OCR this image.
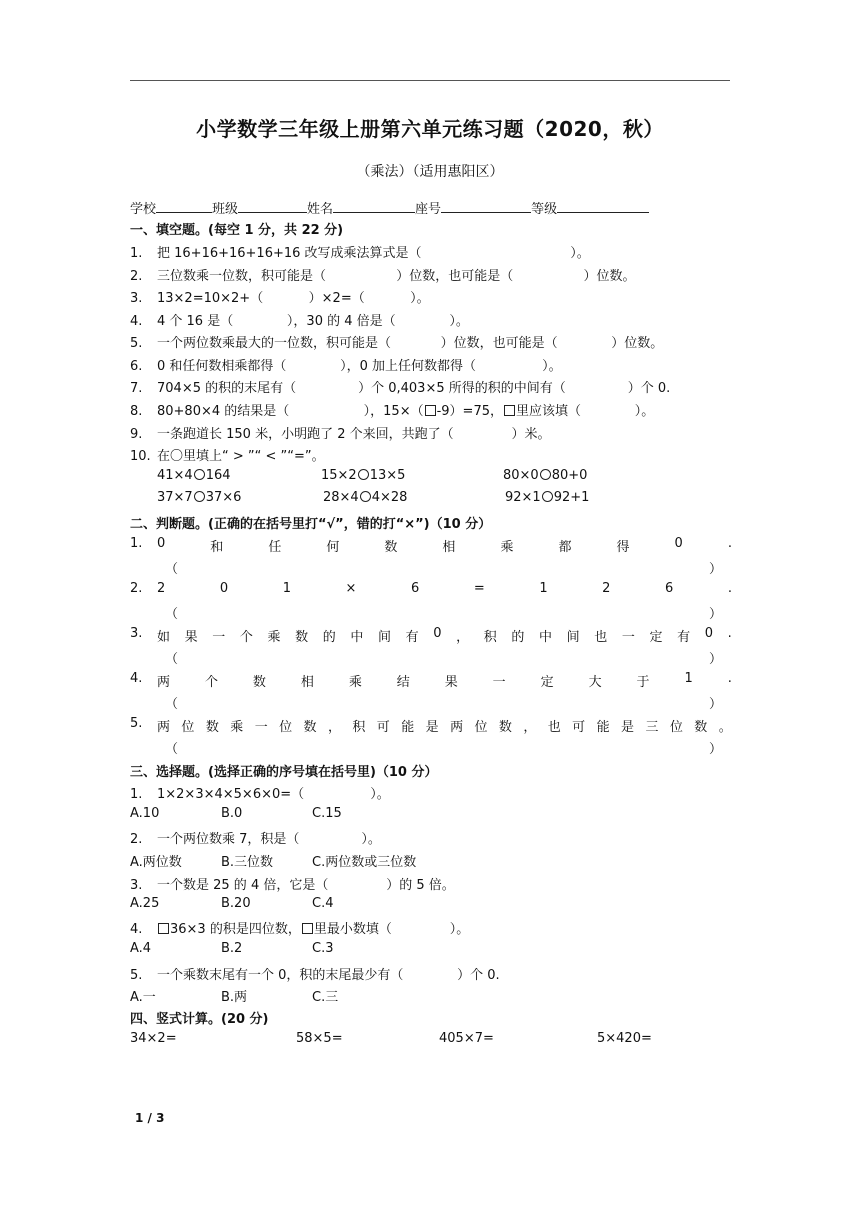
小学数学三年级上册第六单元练习题（2020，秋）
（乘法）（适用惠阳区）
学校	班级	姓名	座号	等级
一、填空题。(每空 1 分，共 22 分)
1. 把 16+16+16+16+16 改写成乘法算式是（                                    ）。
2. 三位数乘一位数，积可能是（                 ）位数，也可能是（                 ）位数。
3. 13×2=10×2+（           ）×2=（           ）。
4. 4 个 16 是（             ），30 的 4 倍是（             ）。
5. 一个两位数乘最大的一位数，积可能是（            ）位数，也可能是（             ）位数。
6. 0 和任何数相乘都得（             ），0 加上任何数都得（                ）。
7. 704×5 的积的末尾有（               ）个 0,403×5 所得的积的中间有（               ）个 0.
8. 80+80×4 的结果是（                  ），15×（ -9）=75， 里应该填（             ）。
9. 一条跑道长 150 米，小明跑了 2 个来回，共跑了（              ）米。
10. 在〇里填上“ > ”“ < ”“=”。
41×4 164	15×2 13×5	80×0 80+0
37×7 37×6	28×4 4×28	92×1 92+1
二、判断题。(正确的在括号里打“√”，错的打“×”)（10 分）
1. 0	和	任	何	数	相	乘	都	得	0	.
（	）
2. 2	0	1	×	6	=	1	2	6	.
（	）
3. 如 果 一 个 乘 数 的 中 间 有 0 ， 积 的 中 间 也 一 定 有 0 .
（	）
4. 两	个	数	相	乘	结	果	一	定	大	于	1	.
（	）
5. 两 位 数 乘 一 位 数 ， 积 可 能 是 两 位 数 ， 也 可 能 是 三 位 数 。
（	）
三、选择题。(选择正确的序号填在括号里)（10 分）
1. 1×2×3×4×5×6×0=（                ）。
A.10	B.0	C.15
2. 一个两位数乘 7，积是（               ）。
A.两位数	B.三位数	C.两位数或三位数
3. 一个数是 25 的 4 倍，它是（              ）的 5 倍。
A.25	B.20	C.4
4. 36×3 的积是四位数， 里最小数填（              ）。
A.4	B.2	C.3
5. 一个乘数末尾有一个 0，积的末尾最少有（             ）个 0.
A.一	B.两	C.三
四、竖式计算。(20 分)
34×2=	58×5=	405×7=	5×420=
1 / 3
